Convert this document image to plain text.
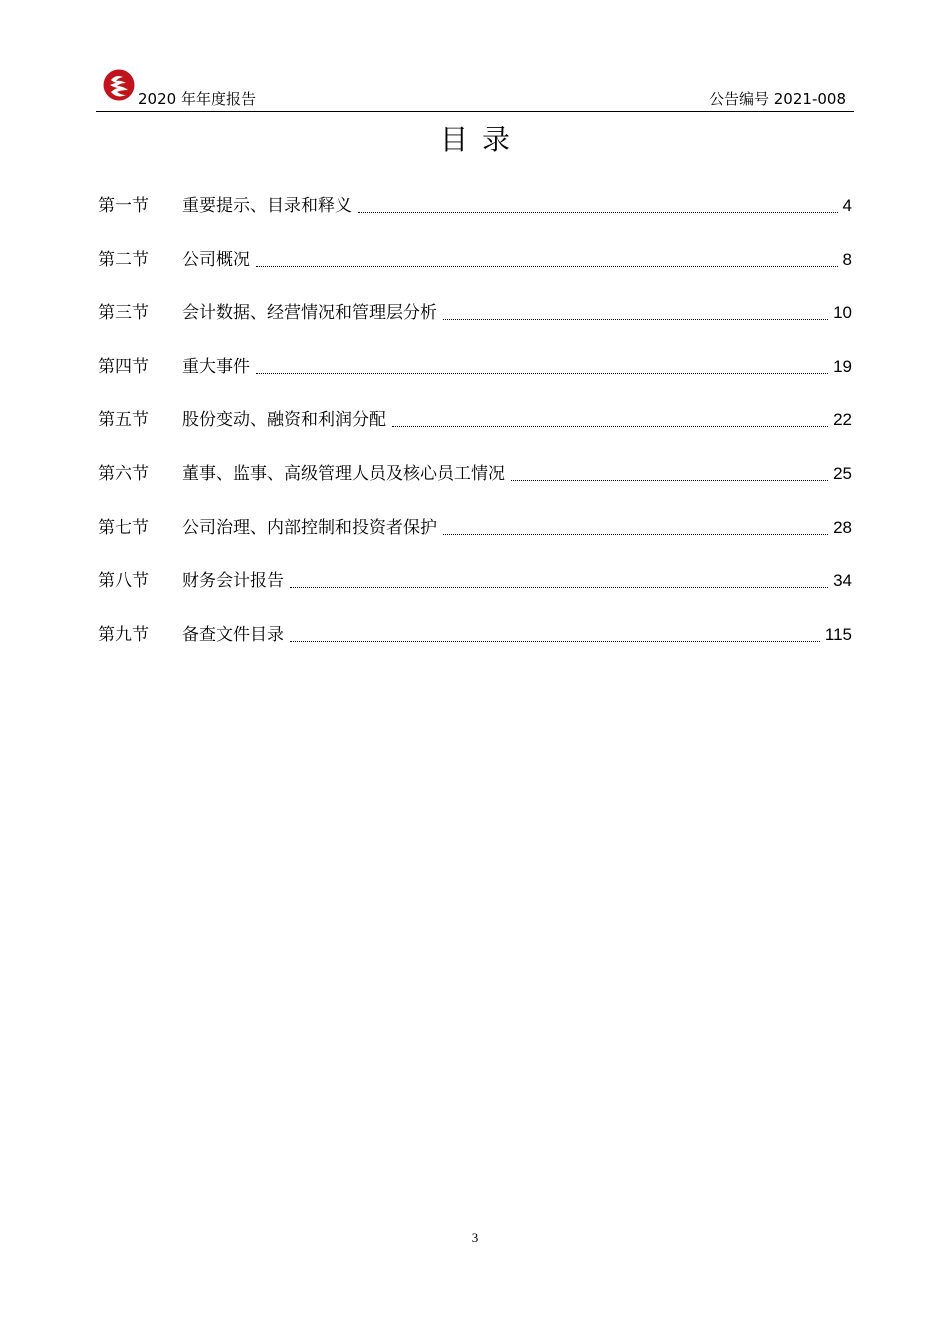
2020 年年度报告	公告编号 2021-008
目录
第一节	重要提示、目录和释义	4
第二节	公司概况	8
第三节	会计数据、经营情况和管理层分析	10
第四节	重大事件	19
第五节	股份变动、融资和利润分配	22
第六节	董事、监事、高级管理人员及核心员工情况	25
第七节	公司治理、内部控制和投资者保护	28
第八节	财务会计报告	34
第九节	备查文件目录	115
3
